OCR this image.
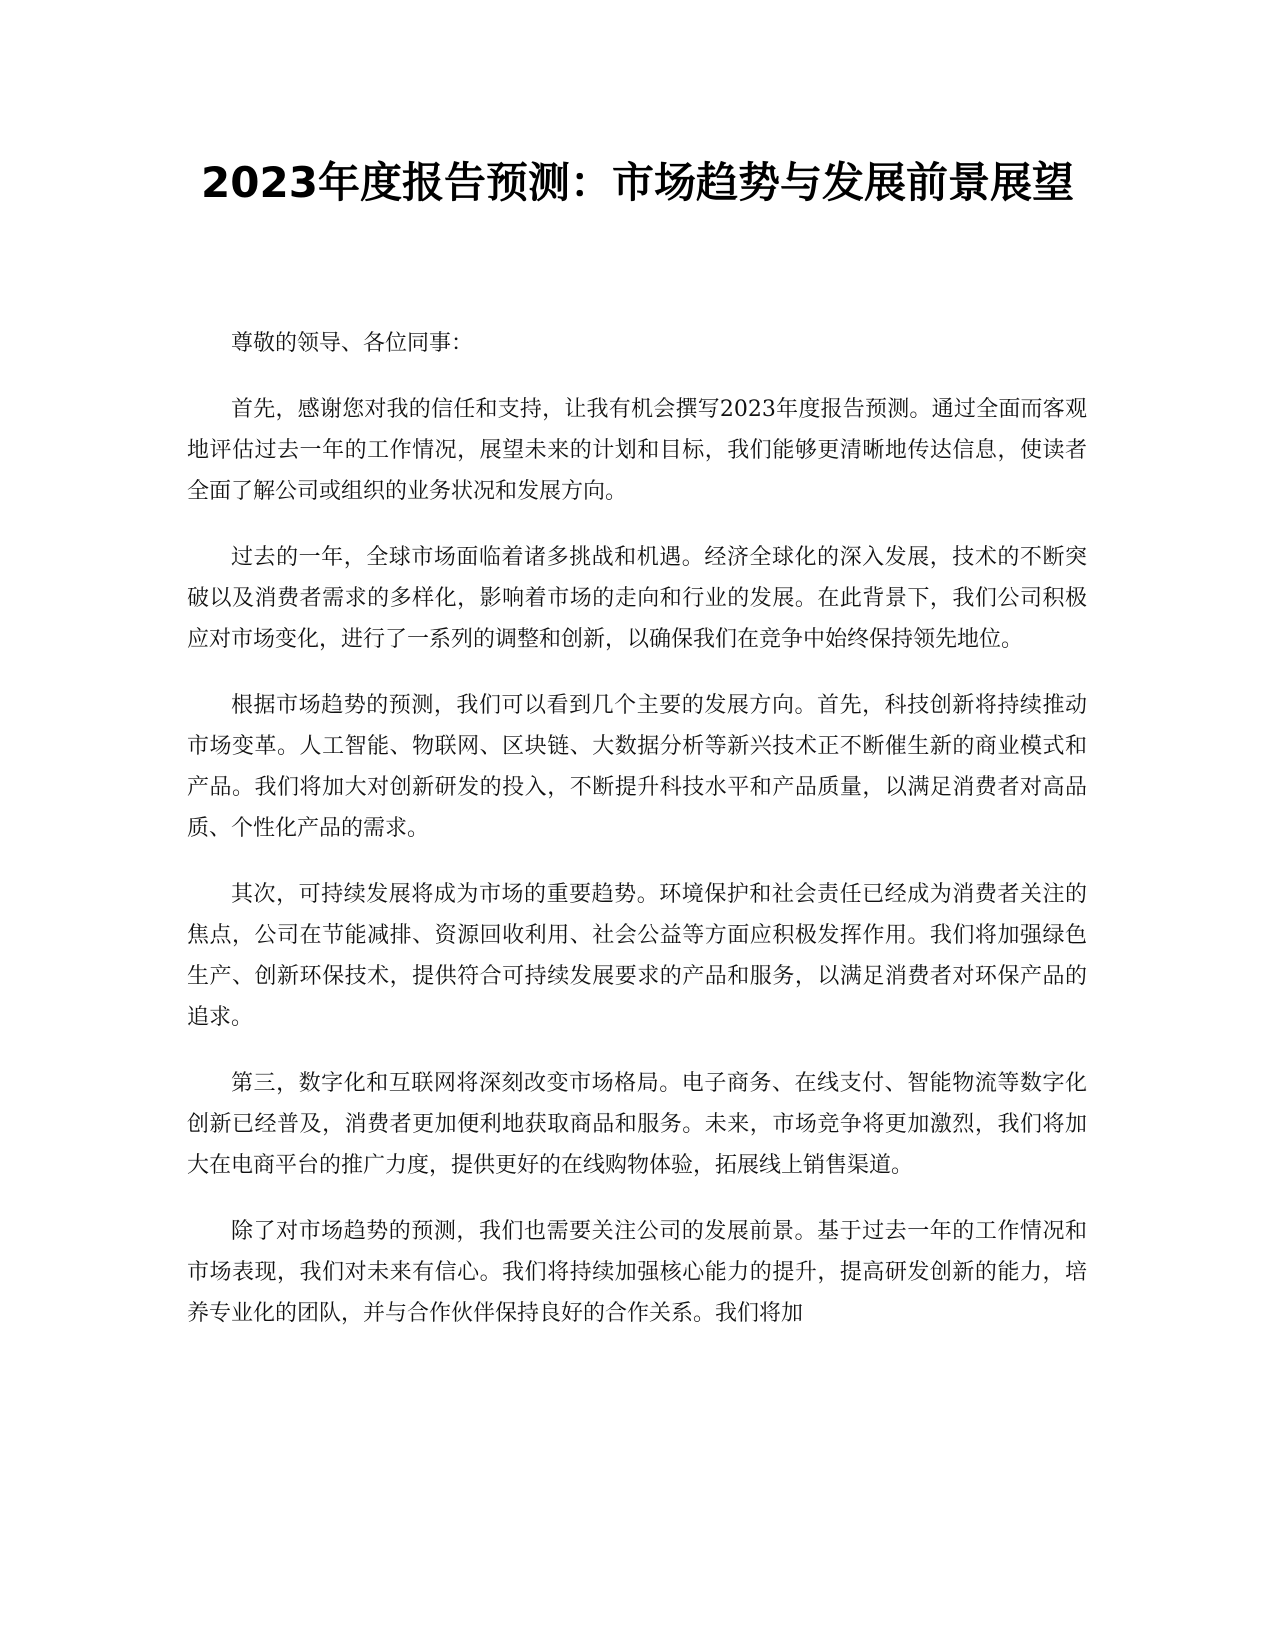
2023年度报告预测：市场趋势与发展前景展望

尊敬的领导、各位同事：

首先，感谢您对我的信任和支持，让我有机会撰写2023年度报告预测。通过全面而客观地评估过去一年的工作情况，展望未来的计划和目标，我们能够更清晰地传达信息，使读者全面了解公司或组织的业务状况和发展方向。

过去的一年，全球市场面临着诸多挑战和机遇。经济全球化的深入发展，技术的不断突破以及消费者需求的多样化，影响着市场的走向和行业的发展。在此背景下，我们公司积极应对市场变化，进行了一系列的调整和创新，以确保我们在竞争中始终保持领先地位。

根据市场趋势的预测，我们可以看到几个主要的发展方向。首先，科技创新将持续推动市场变革。人工智能、物联网、区块链、大数据分析等新兴技术正不断催生新的商业模式和产品。我们将加大对创新研发的投入，不断提升科技水平和产品质量，以满足消费者对高品质、个性化产品的需求。

其次，可持续发展将成为市场的重要趋势。环境保护和社会责任已经成为消费者关注的焦点，公司在节能减排、资源回收利用、社会公益等方面应积极发挥作用。我们将加强绿色生产、创新环保技术，提供符合可持续发展要求的产品和服务，以满足消费者对环保产品的追求。

第三，数字化和互联网将深刻改变市场格局。电子商务、在线支付、智能物流等数字化创新已经普及，消费者更加便利地获取商品和服务。未来，市场竞争将更加激烈，我们将加大在电商平台的推广力度，提供更好的在线购物体验，拓展线上销售渠道。

除了对市场趋势的预测，我们也需要关注公司的发展前景。基于过去一年的工作情况和市场表现，我们对未来有信心。我们将持续加强核心能力的提升，提高研发创新的能力，培养专业化的团队，并与合作伙伴保持良好的合作关系。我们将加
